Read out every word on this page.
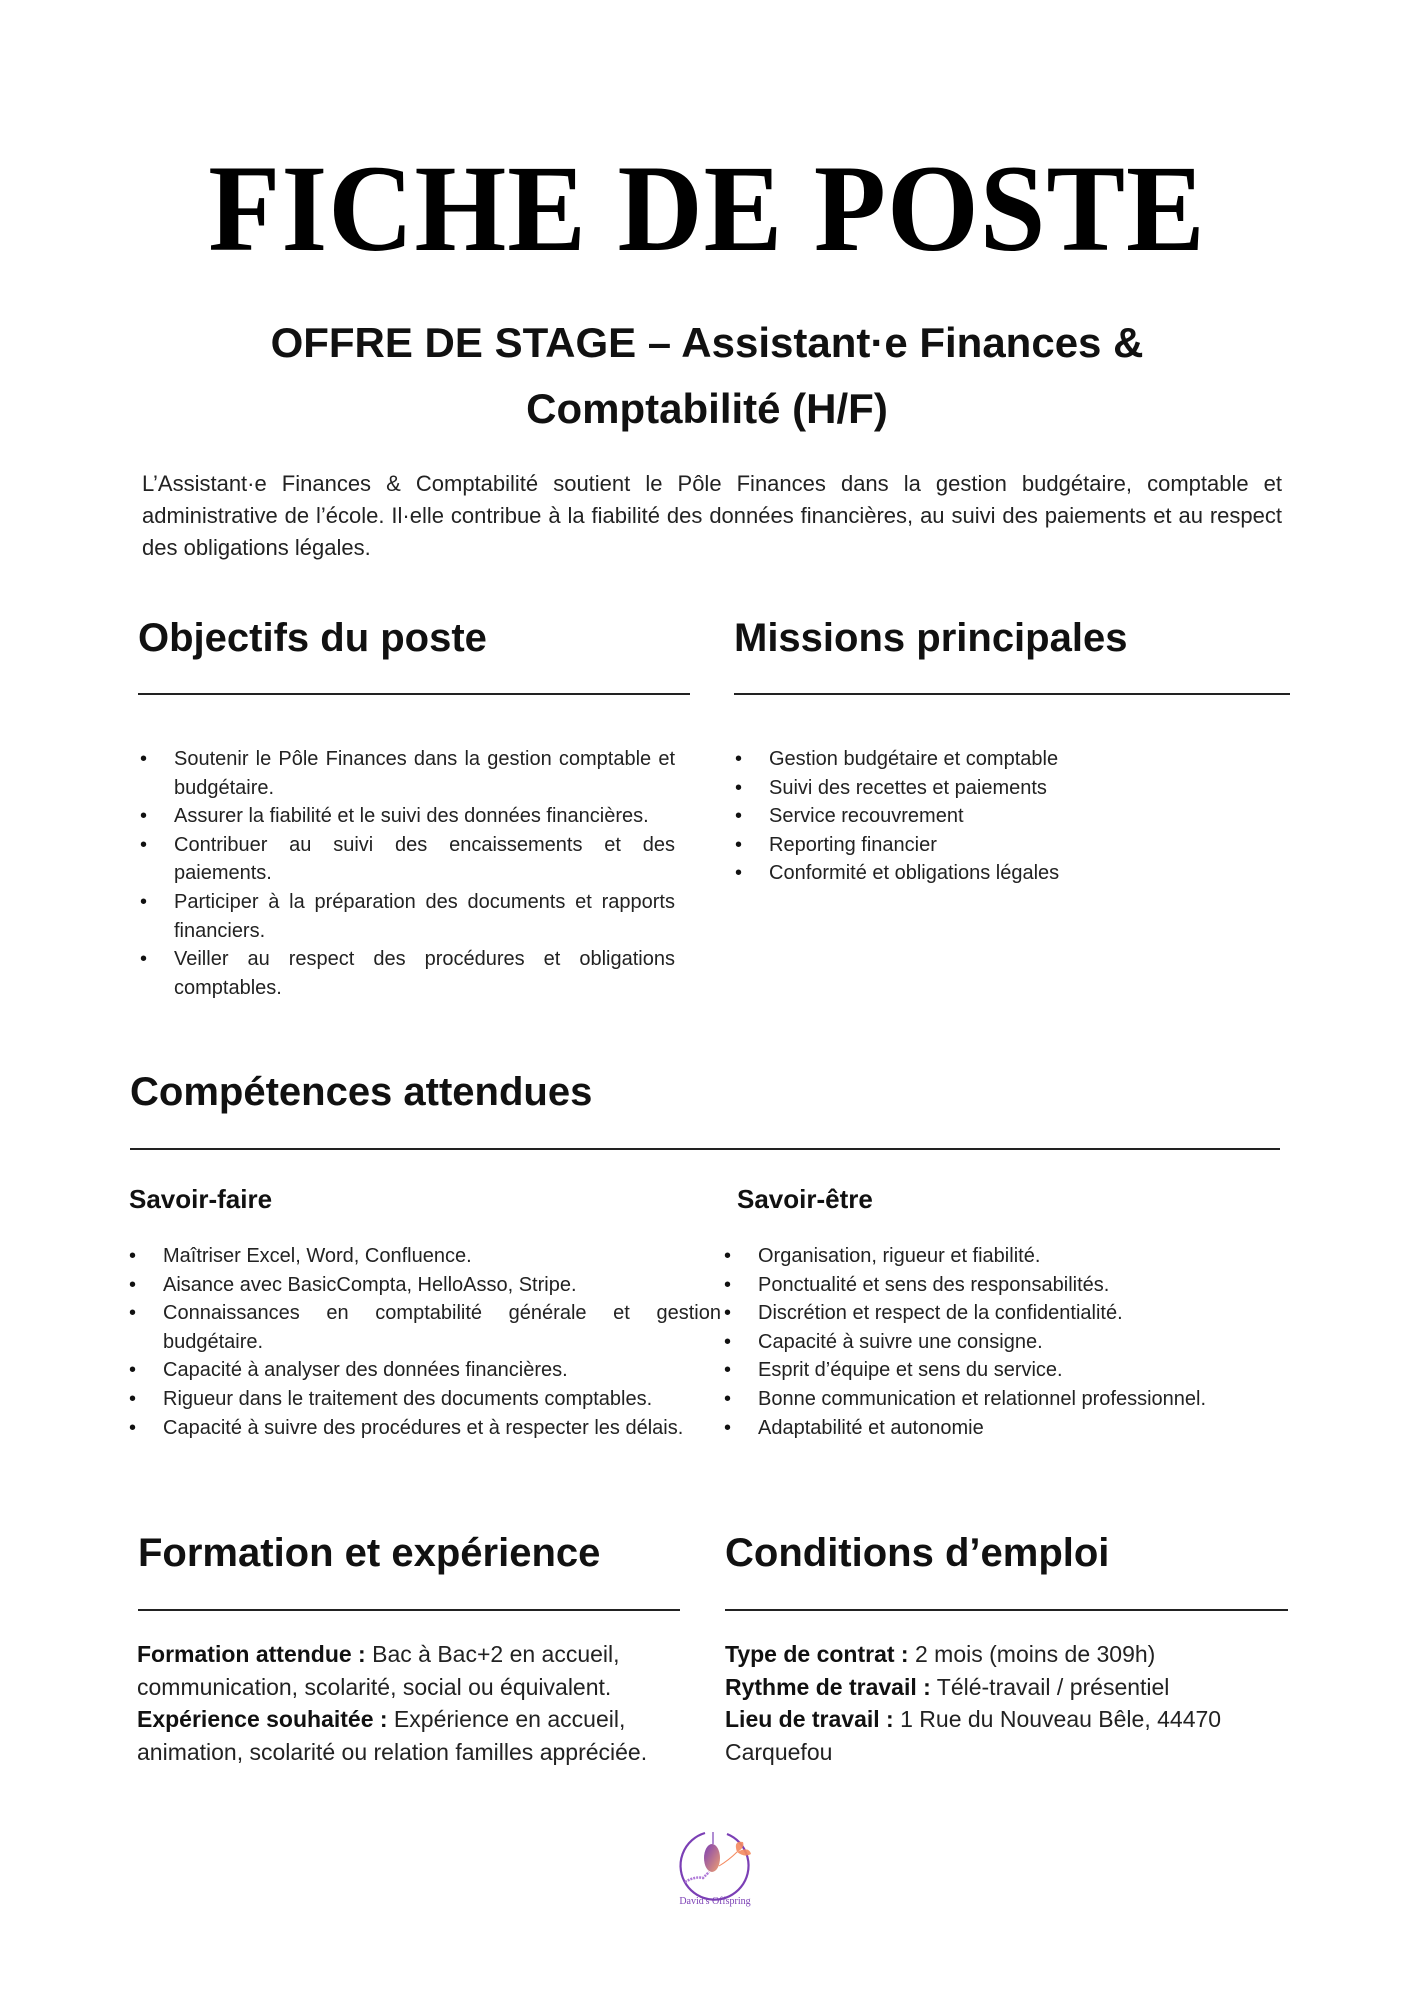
FICHE DE POSTE
OFFRE DE STAGE – Assistant·e Finances &
Comptabilité (H/F)
L’Assistant·e Finances & Comptabilité soutient le Pôle Finances dans la gestion budgétaire, comptable et administrative de l’école. Il·elle contribue à la fiabilité des données financières, au suivi des paiements et au respect des obligations légales.
Objectifs du poste
• Soutenir le Pôle Finances dans la gestion comptable et budgétaire.
• Assurer la fiabilité et le suivi des données financières.
• Contribuer au suivi des encaissements et des paiements.
• Participer à la préparation des documents et rapports financiers.
• Veiller au respect des procédures et obligations comptables.
Missions principales
• Gestion budgétaire et comptable
• Suivi des recettes et paiements
• Service recouvrement
• Reporting financier
• Conformité et obligations légales
Compétences attendues
Savoir-faire
• Maîtriser Excel, Word, Confluence.
• Aisance avec BasicCompta, HelloAsso, Stripe.
• Connaissances en comptabilité générale et gestion budgétaire.
• Capacité à analyser des données financières.
• Rigueur dans le traitement des documents comptables.
• Capacité à suivre des procédures et à respecter les délais.
Savoir-être
• Organisation, rigueur et fiabilité.
• Ponctualité et sens des responsabilités.
• Discrétion et respect de la confidentialité.
• Capacité à suivre une consigne.
• Esprit d’équipe et sens du service.
• Bonne communication et relationnel professionnel.
• Adaptabilité et autonomie
Formation et expérience
Formation attendue : Bac à Bac+2 en accueil, communication, scolarité, social ou équivalent.
Expérience souhaitée : Expérience en accueil, animation, scolarité ou relation familles appréciée.
Conditions d’emploi
Type de contrat : 2 mois (moins de 309h)
Rythme de travail : Télé-travail / présentiel
Lieu de travail : 1 Rue du Nouveau Bêle, 44470 Carquefou
David's Offspring
